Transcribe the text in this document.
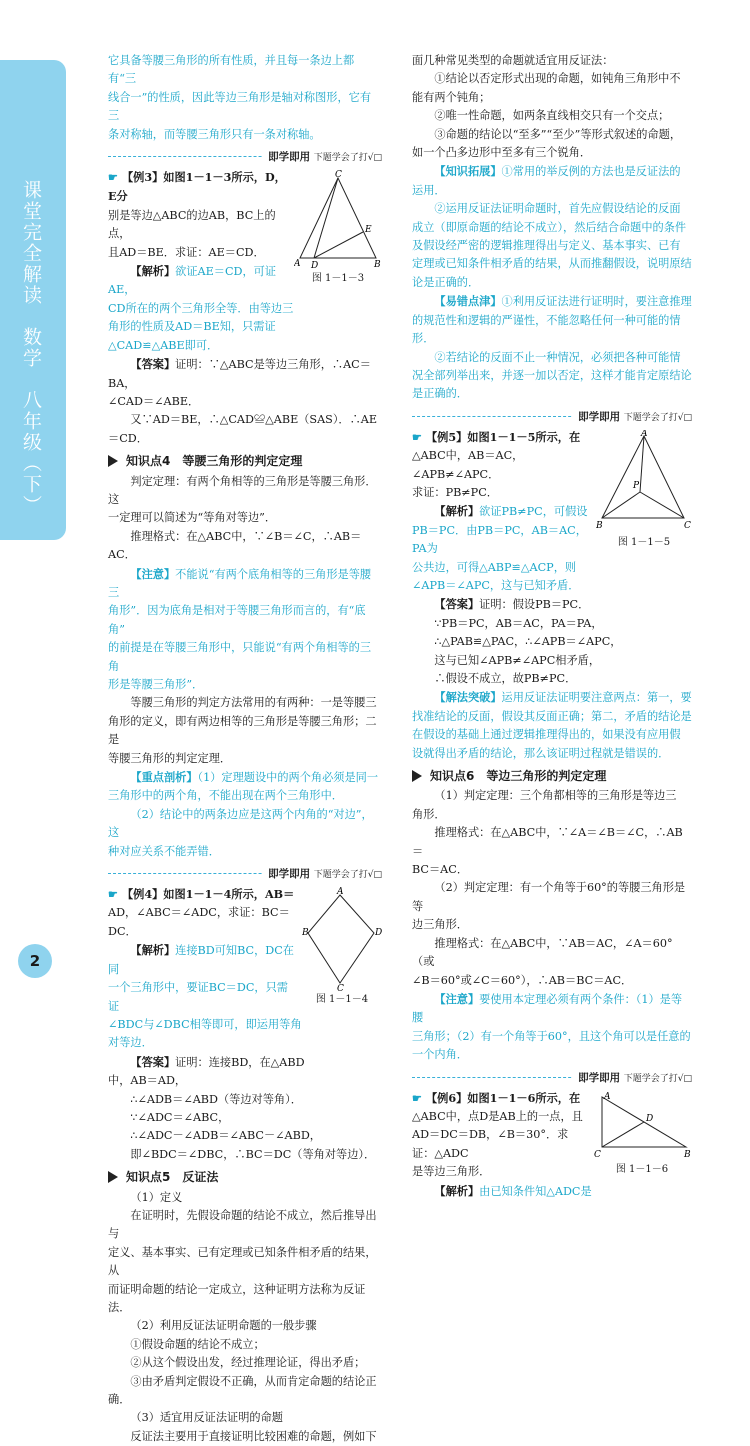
课堂完全解读　数学　八年级（下）
2

它具备等腰三角形的所有性质，并且每一条边上都有“三

线合一”的性质，因此等边三角形是轴对称图形，它有三

条对称轴，而等腰三角形只有一条对称轴。

即学即用 下题学会了打√□
C
A D	B
E
图 1－1－3

☛ 【例3】如图1－1－3所示，D，E分

别是等边△ABC的边AB，BC上的点，

且AD＝BE．求证：AE＝CD．

【解析】欲证AE＝CD，可证AE，

CD所在的两个三角形全等．由等边三

角形的性质及AD＝BE知，只需证

△CAD≌△ABE即可．

【答案】证明：∵△ABC是等边三角形，∴AC＝BA，

∠CAD＝∠ABE．

又∵AD＝BE，∴△CAD≌△ABE（SAS）．∴AE＝CD．

知识点4　等腰三角形的判定定理

判定定理：有两个角相等的三角形是等腰三角形．这

一定理可以简述为“等角对等边”．

推理格式：在△ABC中，∵∠B＝∠C，∴AB＝AC．

【注意】不能说“有两个底角相等的三角形是等腰三

角形”．因为底角是相对于等腰三角形而言的，有“底角”

的前提是在等腰三角形中，只能说“有两个角相等的三角

形是等腰三角形”．

等腰三角形的判定方法常用的有两种：一是等腰三

角形的定义，即有两边相等的三角形是等腰三角形；二是

等腰三角形的判定定理．

【重点剖析】（1）定理题设中的两个角必须是同一

三角形中的两个角，不能出现在两个三角形中．

（2）结论中的两条边应是这两个内角的“对边”，这

种对应关系不能弄错．

即学即用 下题学会了打√□
A
B	D
C
图 1－1－4

☛ 【例4】如图1－1－4所示，AB＝

AD，∠ABC＝∠ADC，求证：BC＝DC．

【解析】连接BD可知BC，DC在同

一个三角形中，要证BC＝DC，只需证

∠BDC与∠DBC相等即可，即运用等角

对等边．

【答案】证明：连接BD，在△ABD

中，AB＝AD，

∴∠ADB＝∠ABD（等边对等角）．

∵∠ADC＝∠ABC，

∴∠ADC－∠ADB＝∠ABC－∠ABD，

即∠BDC＝∠DBC，∴BC＝DC（等角对等边）．

知识点5　反证法

（1）定义

在证明时，先假设命题的结论不成立，然后推导出与

定义、基本事实、已有定理或已知条件相矛盾的结果，从

而证明命题的结论一定成立，这种证明方法称为反证法．

（2）利用反证法证明命题的一般步骤

①假设命题的结论不成立；

②从这个假设出发，经过推理论证，得出矛盾；

③由矛盾判定假设不正确，从而肯定命题的结论正确．

（3）适宜用反证法证明的命题

反证法主要用于直接证明比较困难的命题，例如下

面几种常见类型的命题就适宜用反证法：

①结论以否定形式出现的命题，如钝角三角形中不

能有两个钝角；

②唯一性命题，如两条直线相交只有一个交点；

③命题的结论以“至多”“至少”等形式叙述的命题，

如一个凸多边形中至多有三个锐角．

【知识拓展】①常用的举反例的方法也是反证法的

运用．

②运用反证法证明命题时，首先应假设结论的反面

成立（即原命题的结论不成立），然后结合命题中的条件

及假设经严密的逻辑推理得出与定义、基本事实、已有

定理或已知条件相矛盾的结果，从而推翻假设，说明原结

论是正确的．

【易错点津】①利用反证法进行证明时，要注意推理

的规范性和逻辑的严谨性，不能忽略任何一种可能的情形．

②若结论的反面不止一种情况，必须把各种可能情

况全部列举出来，并逐一加以否定，这样才能肯定原结论

是正确的．

即学即用 下题学会了打√□
A
B	C
P
图 1－1－5

☛ 【例5】如图1－1－5所示，在

△ABC中，AB＝AC，∠APB≠∠APC．

求证：PB≠PC．

【解析】欲证PB≠PC，可假设

PB＝PC．由PB＝PC，AB＝AC，PA为

公共边，可得△ABP≌△ACP，则

∠APB＝∠APC，这与已知矛盾．

【答案】证明：假设PB＝PC．

∵PB＝PC，AB＝AC，PA＝PA，

∴△PAB≌△PAC，∴∠APB＝∠APC，

这与已知∠APB≠∠APC相矛盾，

∴假设不成立，故PB≠PC．

【解法突破】运用反证法证明要注意两点：第一，要

找准结论的反面，假设其反面正确；第二，矛盾的结论是

在假设的基础上通过逻辑推理得出的，如果没有应用假

设就得出矛盾的结论，那么该证明过程就是错误的．

知识点6　等边三角形的判定定理

（1）判定定理：三个角都相等的三角形是等边三

角形．

推理格式：在△ABC中，∵∠A＝∠B＝∠C，∴AB＝

BC＝AC．

（2）判定定理：有一个角等于60°的等腰三角形是等

边三角形．

推理格式：在△ABC中，∵AB＝AC，∠A＝60°（或

∠B＝60°或∠C＝60°），∴AB＝BC＝AC．

【注意】要使用本定理必须有两个条件：（1）是等腰

三角形；（2）有一个角等于60°，且这个角可以是任意的

一个内角．

即学即用 下题学会了打√□
A
C	B
D
图 1－1－6

☛ 【例6】如图1－1－6所示，在

△ABC中，点D是AB上的一点，且

AD＝DC＝DB，∠B＝30°．求证：△ADC

是等边三角形．

【解析】由已知条件知△ADC是
